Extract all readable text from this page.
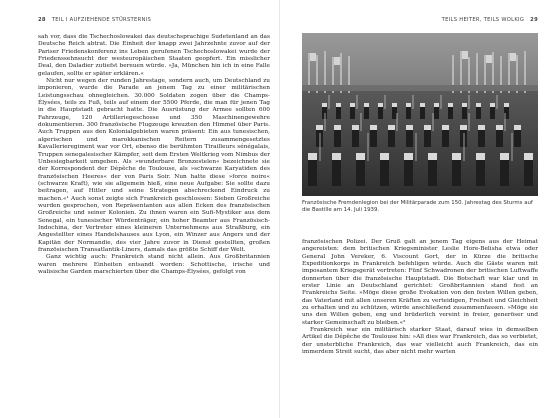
28 TEIL I AUFZIEHENDE STÜRSTERNIS

sah vor, dass die Tschechoslowakei das deutschsprachige Sudetenland an das Deutsche Reich abtrat. Die Einheit der knapp zwei Jahrzehnte zuvor auf der Pariser Friedenskonferenz ins Leben gerufenen Tschechoslowakei wurde der Friedenssehnsucht der westeuropäischen Staaten geopfert. Ein misslicher Deal, den Daladier zutiefst bereuen würde. »Ja, München hin ich in eine Falle gelaufen, sollte er später erklären.«

Nicht nur wegen der runden Jahrestage, sondern auch, um Deutschland zu imponieren, wurde die Parade an jenem Tag zu einer militärischen Leistungsschau ohnegleichen. 30.000 Soldaten zogen über die Champs-Élysées, teils zu Fuß, teils auf einem der 5500 Pferde, die man für jenen Tag in die Hauptstadt gebracht hatte. Die Ausrüstung der Armee sollten 600 Fahrzeuge, 120 Artilleriegeschosse und 350 Maschinengewehre dokumentieren. 300 französische Flugzeuge kreuzten den Himmel über Paris. Auch Truppen aus den Kolonialgebieten waren präsent: Ein aus tunesischen, algerischen und marokkanischen Reitern zusammengesetztes Kavallerieregiment war vor Ort, ebenso die berühmten Tirailleurs sénégalais, Truppen senegalesischer Kämpfer, seit dem Ersten Weltkrieg vom Nimbus der Unbesiegbarkeit umgeben. Als »wunderbare Bronzestelen« bezeichnete sie der Korrespondent der Dépêche de Toulouse, als »schwarze Karyatiden des französischen Heeres« der von Paris Soir. Nun hatte diese »force noire« (schwarze Kraft), wie sie allgemein hieß, eine neue Aufgabe: Sie sollte dazu beitragen, auf Hitler und seine Strategen abschreckend Eindruck zu machen.«¹ Auch sonst zeigte sich Frankreich geschlossen: Sieben Großreiche wurden gesprochen, von Repräsentanten aus allen Ecken des französischen Großreichs und seiner Kolonien. Zu ihnen waren ein Sufi-Mystiker aus dem Senegal, ein tunesischer Würdenträger, ein hoher Beamter aus Französisch-Indochina, der Vertreter eines kleineren Unternehmens aus Straßburg, ein Angestellter eines Handelshauses aus Lyon, ein Winzer aus Angers und der Kapitän der Normandie, des vier Jahre zuvor in Dienst gestellten, großen französischen Transatlantik-Liners, damals das größte Schiff der Welt.

Ganz wichtig auch: Frankreich stand nicht allein. Aus Großbritannien waren mehrere Einheiten entsandt worden: Schottische, irische und walisische Garden marschierten über die Champs-Élysées, gefolgt von

TEILS HEITER, TEILS WOLKIG 29
Französische Fremdenlegion bei der Militärparade zum 150. Jahrestag des Sturms auf die Bastille am 14. Juli 1939.

französischen Polizei. Der Gruß galt an jenem Tag eigens aus der Heimat angereisten: dem britischen Kriegsminister Leslie Hore-Belisha etwa oder General John Vereker, 6. Viscount Gort, der in Kürze die britische Expeditionkorps in Frankreich befehligen würde. Auch die Gäste waren mit imposantem Kriegsgerät vertreten: Fünf Schwadronen der britischen Luftwaffe donnerten über die französische Hauptstadt. Die Botschaft war klar und in erster Linie an Deutschland gerichtet: Großbritannien stand fest an Frankreichs Seite. »Möge diese große Evokation von den festen Willen geben, das Vaterland mit allen unseren Kräften zu verteidigen, Freiheit und Gleichheit zu erhalten und zu schützen, würde anschließend zusammenfassen. »Möge sie uns den Willen geben, eng und brüderlich vereint in freier, generöser und starker Gemeinschaft zu bleiben.«²

Frankreich war ein militärisch starker Staat, darauf wies in demselben Artikel die Dépêche de Toulouse hin: »All dies war Frankreich, das so verbietet, der unsterbliche Frankreich, das war vielleicht auch Frankreich, das ein immerdem Streit sucht, das aber nicht mehr warten
